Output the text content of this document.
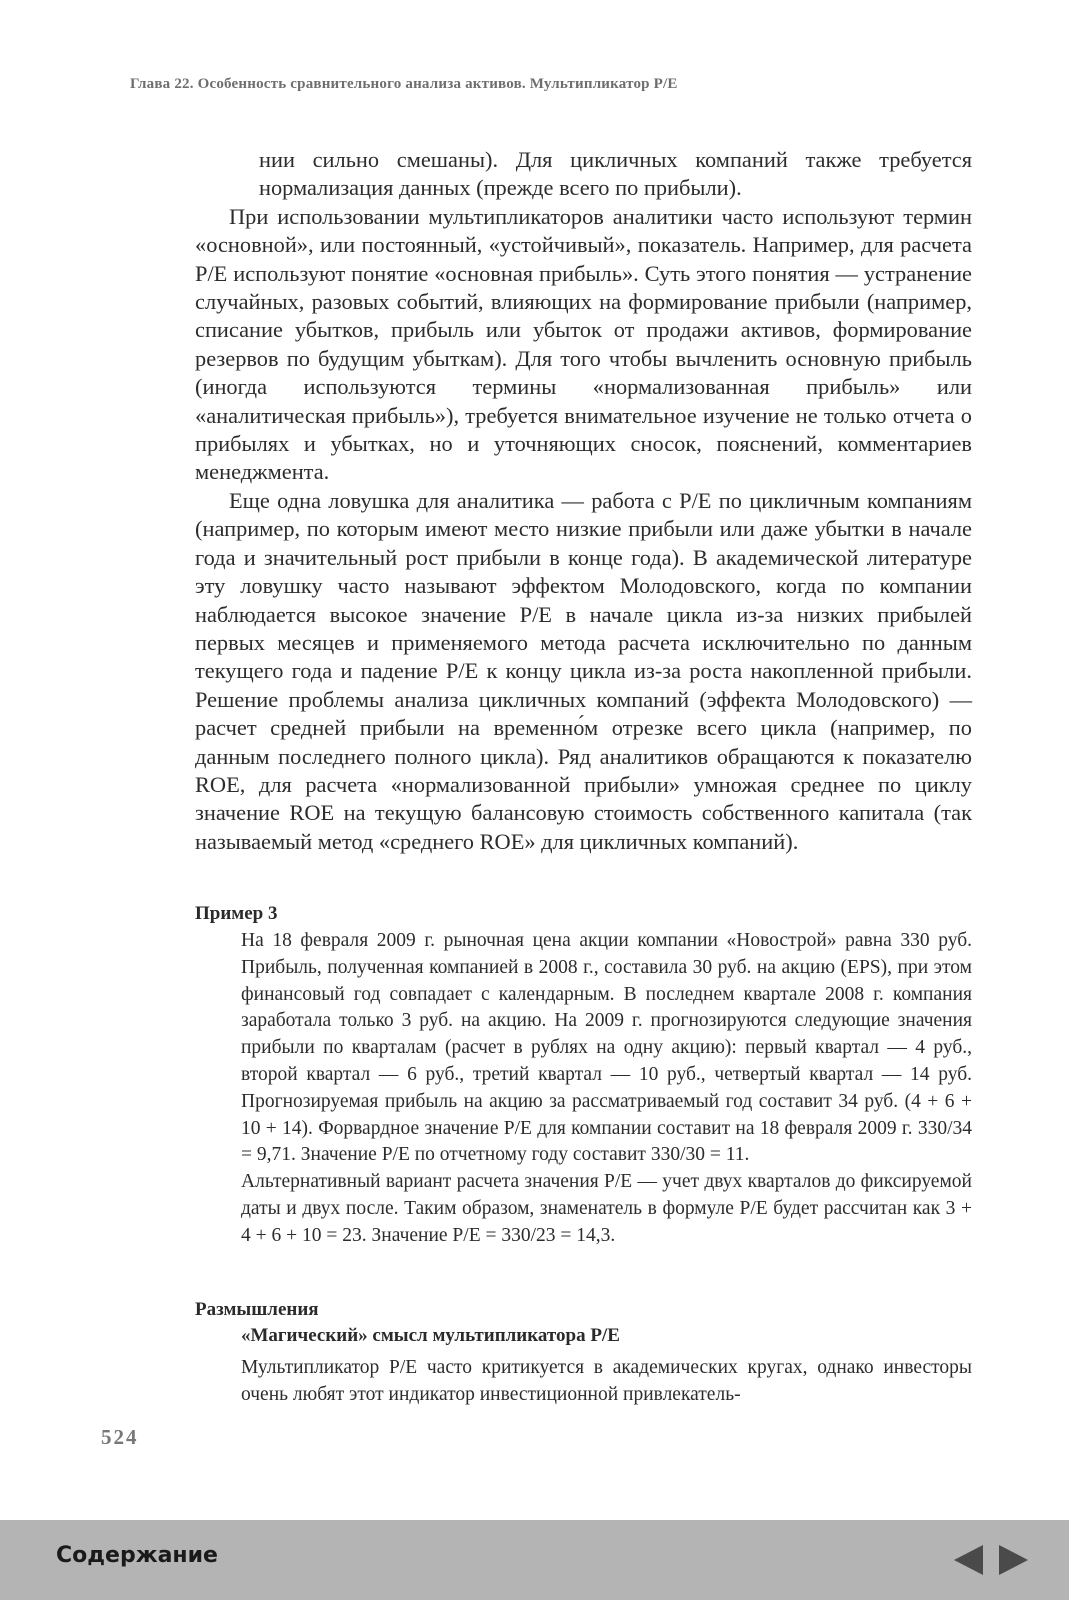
Глава 22. Особенность сравнительного анализа активов. Мультипликатор P/E

нии сильно смешаны). Для цикличных компаний также требуется нормализация данных (прежде всего по прибыли).

При использовании мультипликаторов аналитики часто используют термин «основной», или постоянный, «устойчивый», показатель. Например, для расчета P/E используют понятие «основная прибыль». Суть этого понятия — устранение случайных, разовых событий, влияющих на формирование прибыли (например, списание убытков, прибыль или убыток от продажи активов, формирование резервов по будущим убыткам). Для того чтобы вычленить основную прибыль (иногда используются термины «нормализованная прибыль» или «аналитическая прибыль»), требуется внимательное изучение не только отчета о прибылях и убытках, но и уточняющих сносок, пояснений, комментариев менеджмента.

Еще одна ловушка для аналитика — работа с P/E по цикличным компаниям (например, по которым имеют место низкие прибыли или даже убытки в начале года и значительный рост прибыли в конце года). В академической литературе эту ловушку часто называют эффектом Молодовского, когда по компании наблюдается высокое значение P/E в начале цикла из-за низких прибылей первых месяцев и применяемого метода расчета исключительно по данным текущего года и падение P/E к концу цикла из-за роста накопленной прибыли. Решение проблемы анализа цикличных компаний (эффекта Молодовского) — расчет средней прибыли на временно́м отрезке всего цикла (например, по данным последнего полного цикла). Ряд аналитиков обращаются к показателю ROE, для расчета «нормализованной прибыли» умножая среднее по циклу значение ROE на текущую балансовую стоимость собственного капитала (так называемый метод «среднего ROE» для цикличных компаний).

Пример 3

На 18 февраля 2009 г. рыночная цена акции компании «Новострой» равна 330 руб. Прибыль, полученная компанией в 2008 г., составила 30 руб. на акцию (EPS), при этом финансовый год совпадает с календарным. В последнем квартале 2008 г. компания заработала только 3 руб. на акцию. На 2009 г. прогнозируются следующие значения прибыли по кварталам (расчет в рублях на одну акцию): первый квартал — 4 руб., второй квартал — 6 руб., третий квартал — 10 руб., четвертый квартал — 14 руб. Прогнозируемая прибыль на акцию за рассматриваемый год составит 34 руб. (4 + 6 + 10 + 14). Форвардное значение P/E для компании составит на 18 февраля 2009 г. 330/34 = 9,71. Значение P/E по отчетному году составит 330/30 = 11.

Альтернативный вариант расчета значения P/E — учет двух кварталов до фиксируемой даты и двух после. Таким образом, знаменатель в формуле P/E будет рассчитан как 3 + 4 + 6 + 10 = 23. Значение P/E = 330/23 = 14,3.

Размышления
«Магический» смысл мультипликатора P/E

Мультипликатор P/E часто критикуется в академических кругах, однако инвесторы очень любят этот индикатор инвестиционной привлекатель-

524
Содержание
